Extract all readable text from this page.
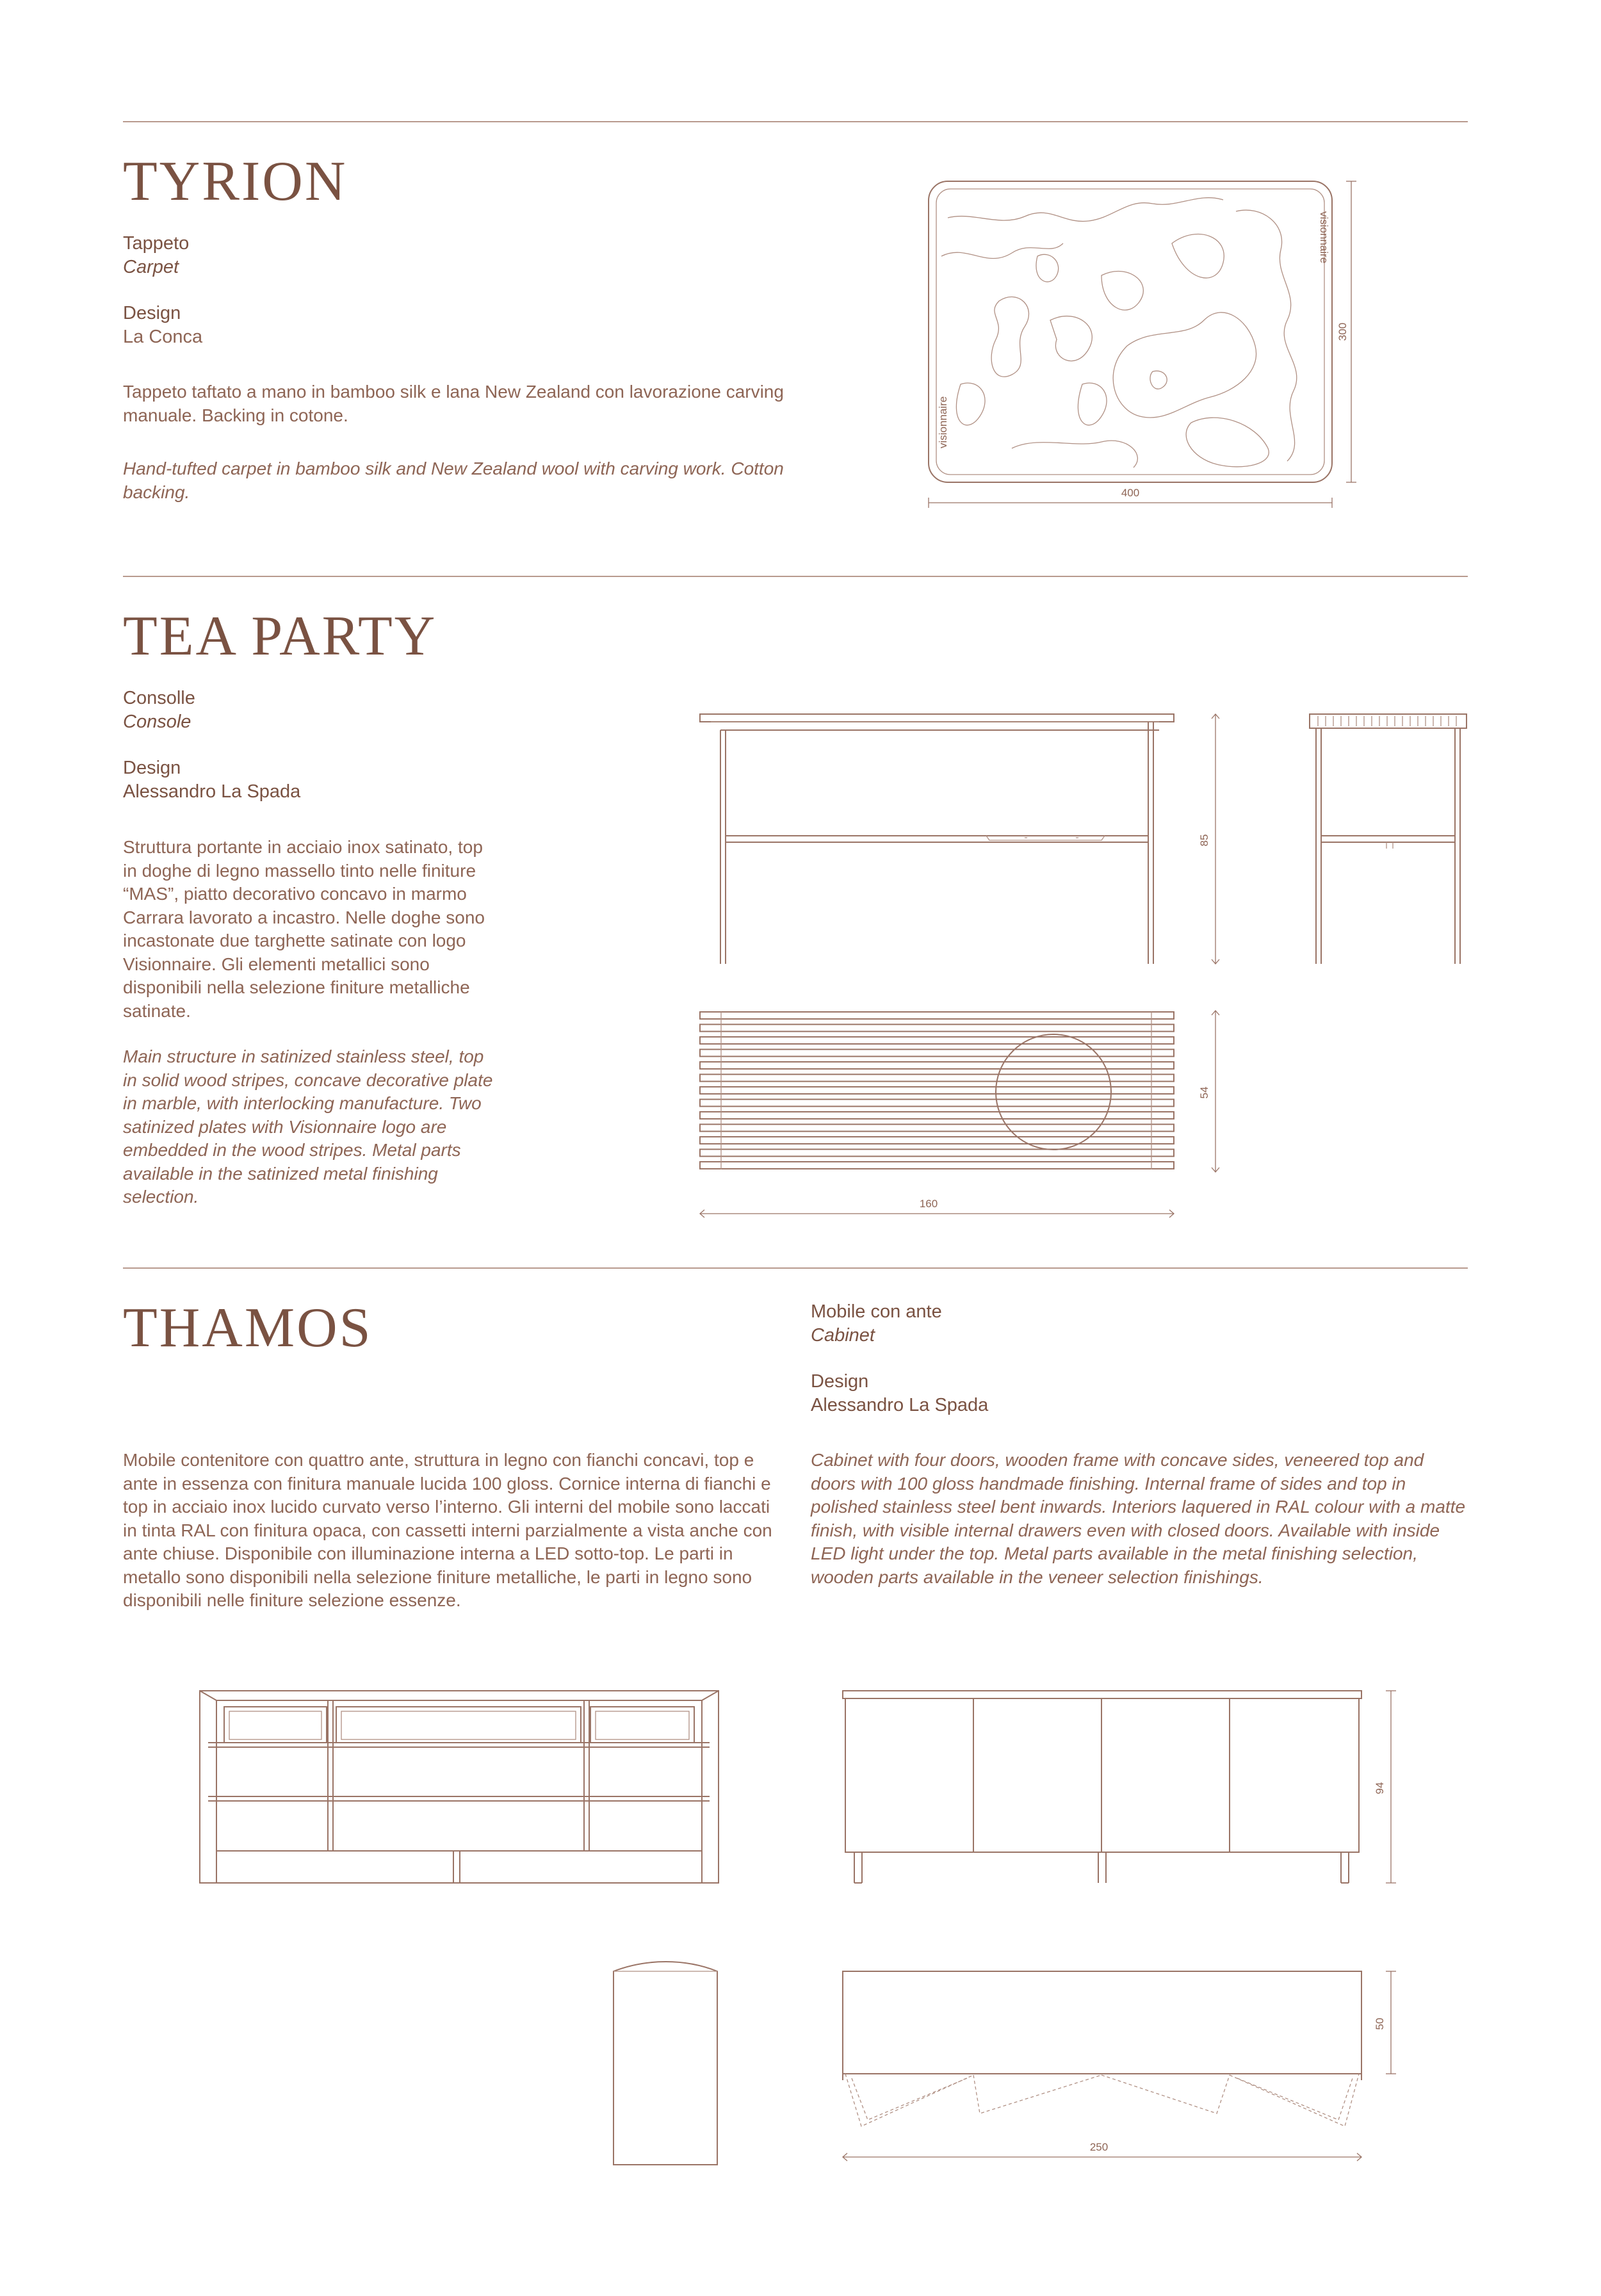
TYRION
Tappeto
Carpet
Design
La Conca

Tappeto taftato a mano in bamboo silk e lana New Zealand con lavorazione carving manuale. Backing in cotone.

Hand-tufted carpet in bamboo silk and New Zealand wool with carving work. Cotton backing.

visionnaire
visionnaire
400
300
TEA PARTY
Consolle
Console
Design
Alessandro La Spada

Struttura portante in acciaio inox satinato, top in doghe di legno massello tinto nelle finiture “MAS”, piatto decorativo concavo in marmo Carrara lavorato a incastro. Nelle doghe sono incastonate due targhette satinate con logo Visionnaire. Gli elementi metallici sono disponibili nella selezione finiture metalliche satinate.

Main structure in satinized stainless steel, top in solid wood stripes, concave decorative plate in marble, with interlocking manufacture. Two satinized plates with Visionnaire logo are embedded in the wood stripes. Metal parts available in the satinized metal finishing selection.

85
54
160
THAMOS	Mobile con ante
Cabinet
Design
Alessandro La Spada

Mobile contenitore con quattro ante, struttura in legno con fianchi concavi, top e ante in essenza con finitura manuale lucida 100 gloss. Cornice interna di fianchi e top in acciaio inox lucido curvato verso l’interno. Gli interni del mobile sono laccati in tinta RAL con finitura opaca, con cassetti interni parzialmente a vista anche con ante chiuse. Disponibile con illuminazione interna a LED sotto-top. Le parti in metallo sono disponibili nella selezione finiture metalliche, le parti in legno sono disponibili nelle finiture selezione essenze.

Cabinet with four doors, wooden frame with concave sides, veneered top and doors with 100 gloss handmade finishing. Internal frame of sides and top in polished stainless steel bent inwards. Interiors laquered in RAL colour with a matte finish, with visible internal drawers even with closed doors. Available with inside LED light under the top. Metal parts available in the metal finishing selection, wooden parts available in the veneer selection finishings.

94
50
250
